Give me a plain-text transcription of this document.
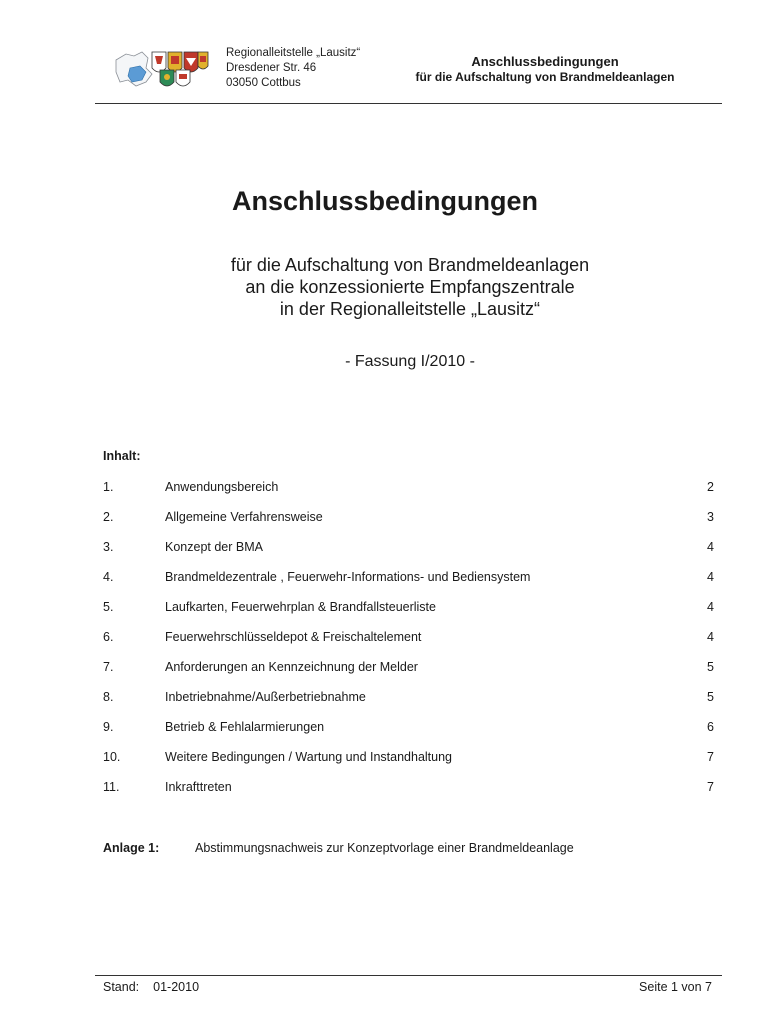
Regionalleitstelle „Lausitz“
Dresdener Str. 46
03050 Cottbus
Anschlussbedingungen
für die Aufschaltung von Brandmeldeanlagen
Anschlussbedingungen
für die Aufschaltung von Brandmeldeanlagen
an die konzessionierte Empfangszentrale
in der Regionalleitstelle „Lausitz“
- Fassung I/2010 -
Inhalt:
1.	Anwendungsbereich	2
2.	Allgemeine Verfahrensweise	3
3.	Konzept der BMA	4
4.	Brandmeldezentrale , Feuerwehr-Informations- und Bediensystem	4
5.	Laufkarten, Feuerwehrplan & Brandfallsteuerliste	4
6.	Feuerwehrschlüsseldepot & Freischaltelement	4
7.	Anforderungen an Kennzeichnung der Melder	5
8.	Inbetriebnahme/Außerbetriebnahme	5
9.	Betrieb & Fehlalarmierungen	6
10.	Weitere Bedingungen / Wartung und Instandhaltung	7
11.	Inkrafttreten	7
Anlage 1:	Abstimmungsnachweis zur Konzeptvorlage einer Brandmeldeanlage
Stand: 01-2010	Seite 1 von 7
